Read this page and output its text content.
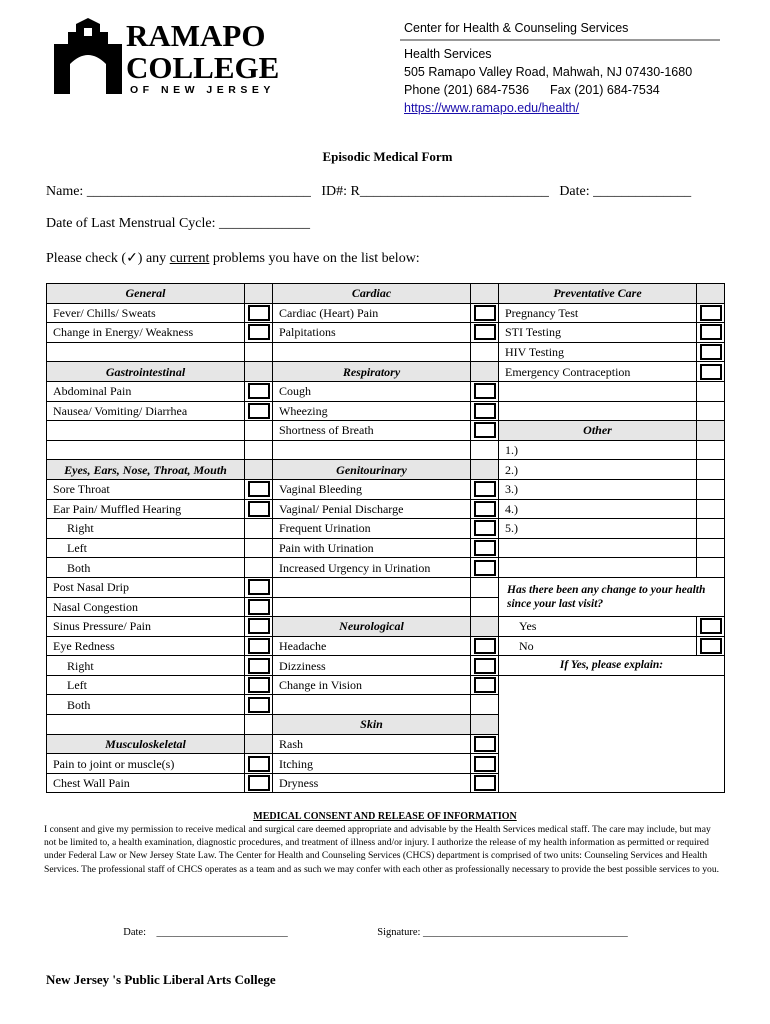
RAMAPO
COLLEGE
OF NEW JERSEY
Center for Health & Counseling Services
Health Services
505 Ramapo Valley Road, Mahwah, NJ 07430-1680
Phone (201) 684-7536 Fax (201) 684-7534
https://www.ramapo.edu/health/
Episodic Medical Form
Name: ________________________________   ID#: R___________________________   Date: ______________
Date of Last Menstrual Cycle: _____________
Please check (✓) any current problems you have on the list below:
General		Cardiac		Preventative Care	
Fever/ Chills/ Sweats		Cardiac (Heart) Pain		Pregnancy Test	

Change in Energy/ Weakness		Palpitations		STI Testing	

				HIV Testing	

Gastrointestinal		Respiratory		Emergency Contraception	

Abdominal Pain		Cough	

Nausea/ Vomiting/ Diarrhea		Wheezing	

		Shortness of Breath		Other	
				1.)	
Eyes, Ears, Nose, Throat, Mouth		Genitourinary		2.)	
Sore Throat		Vaginal Bleeding		3.)	
Ear Pain/ Muffled Hearing		Vaginal/ Penial Discharge		4.)	
Right		Frequent Urination		5.)	
Left		Pain with Urination	

Both		Increased Urgency in Urination	

Post Nasal Drip				Has there been any change to your health since your last visit?	
Nasal Congestion			

Sinus Pressure/ Pain		Neurological		Yes	

Eye Redness		Headache		No	

Right		Dizziness		If Yes, please explain:	
Left		Change in Vision		

Both			

		Skin			
Musculoskeletal		Rash			

Pain to joint or muscle(s)		Itching			

Chest Wall Pain		Dryness			
MEDICAL CONSENT AND RELEASE OF INFORMATION
I consent and give my permission to receive medical and surgical care deemed appropriate and advisable by the Health Services medical staff. The care may include, but may not be limited to, a health examination, diagnostic procedures, and treatment of illness and/or injury. I authorize the release of my health information as permitted or required under Federal Law or New Jersey State Law. The Center for Health and Counseling Services (CHCS) department is comprised of two units: Counseling Services and Health Services. The professional staff of CHCS operates as a team and as such we may confer with each other as professionally necessary to provide the best possible services to you.

Date: _________________________	Signature: _______________________________________

New Jersey 's Public Liberal Arts College
